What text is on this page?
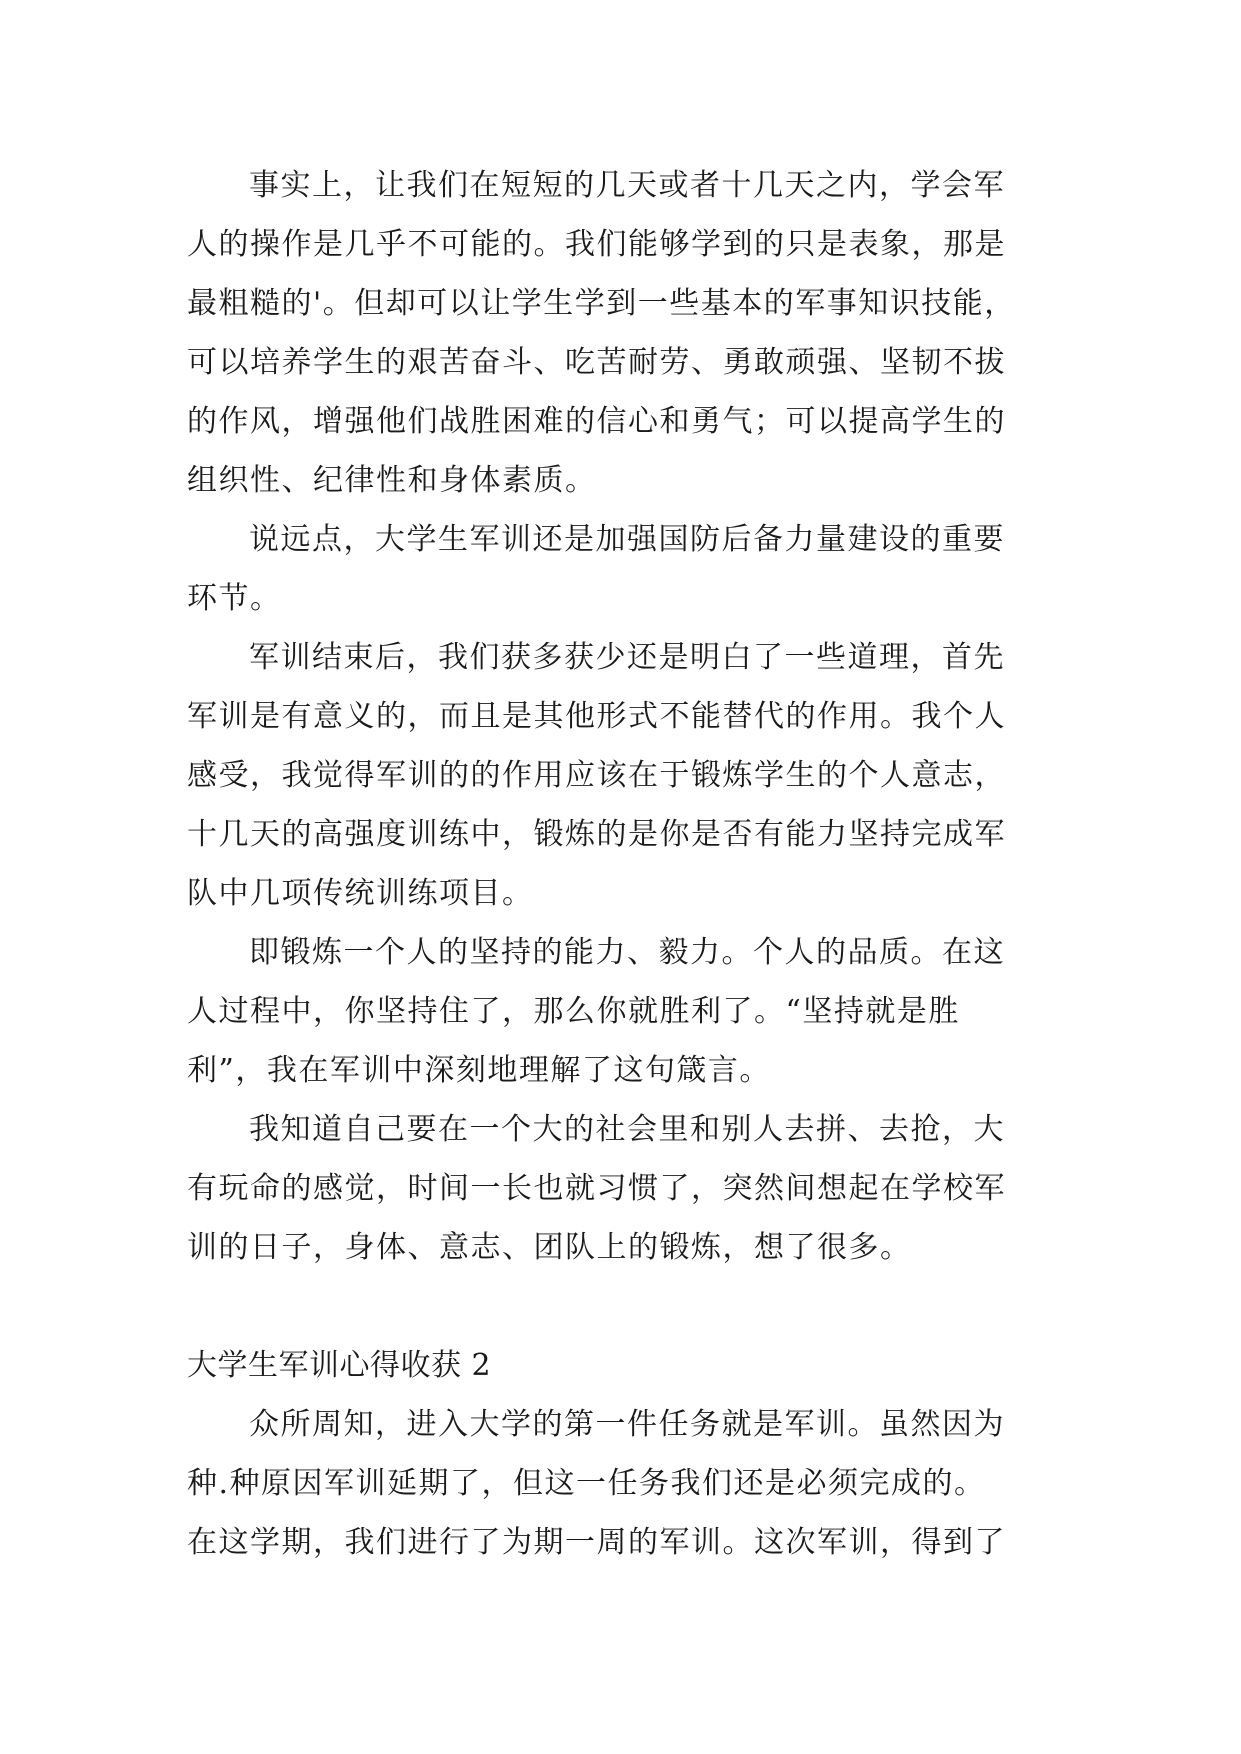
事实上，让我们在短短的几天或者十几天之内，学会军
人的操作是几乎不可能的。我们能够学到的只是表象，那是
最粗糙的'。但却可以让学生学到一些基本的军事知识技能，
可以培养学生的艰苦奋斗、吃苦耐劳、勇敢顽强、坚韧不拔
的作风，增强他们战胜困难的信心和勇气；可以提高学生的
组织性、纪律性和身体素质。
说远点，大学生军训还是加强国防后备力量建设的重要
环节。
军训结束后，我们获多获少还是明白了一些道理，首先
军训是有意义的，而且是其他形式不能替代的作用。我个人
感受，我觉得军训的的作用应该在于锻炼学生的个人意志，
十几天的高强度训练中，锻炼的是你是否有能力坚持完成军
队中几项传统训练项目。
即锻炼一个人的坚持的能力、毅力。个人的品质。在这
人过程中，你坚持住了，那么你就胜利了。“坚持就是胜
利”，我在军训中深刻地理解了这句箴言。
我知道自己要在一个大的社会里和别人去拼、去抢，大
有玩命的感觉，时间一长也就习惯了，突然间想起在学校军
训的日子，身体、意志、团队上的锻炼，想了很多。
大学生军训心得收获 2
众所周知，进入大学的第一件任务就是军训。虽然因为
种.种原因军训延期了，但这一任务我们还是必须完成的。
在这学期，我们进行了为期一周的军训。这次军训，得到了
